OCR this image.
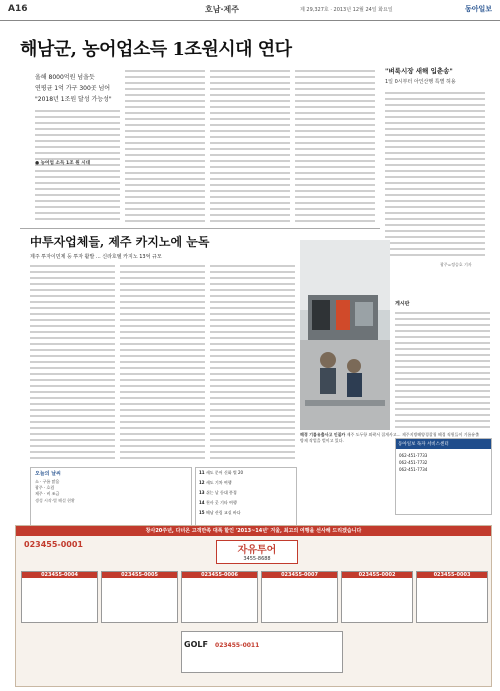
A16	호남·제주	제 29,327호 · 2013년 12월 24일 화요일	동아일보
해남군, 농어업소득 1조원시대 연다
올해 8000억원 넘을듯
연평균 1억 가구 300곳 넘어
"2018년 1조원 달성 가능성"
● 농어업 소득 1조 원 시대
"벼룩시장 새해 입춘송"
1일 0시부터 아인산행 특별 허용
광주=정승호 기자
中투자업체들, 제주 카지노에 눈독
제주 투자이민제 등 투자 활발 ... 신라호텔 카지노 13억 규모
해경 기름유출사고 인질카 제주 도두항 외곽서 집게사고... 제주지방해양경찰청 해경 직원들이 기름유출 방제 작업을 벌이고 있다.
오늘의 날씨
소 · 구름 많음
광주 · 흐림
제주 · 비 조금
생성 시작·별 해설 현황
11 새도 문어 신화 별 20
12 새도 기차 여행
13 쉬는 날 등대 풍경
14 천사 곳 기타 여행
15 해남 산림 교실 바다
게시판
동아일보 독자 서비스센터
062-451-7733
062-451-7732
062-451-7734
창사20주년, 다녀온 고객만족 대폭 할인 '2013~14년' 겨울, 최고의 여행을 선사해 드리겠습니다
023455-0001
자유투어
3455-8688
023455-0004	023455-0005	023455-0006	023455-0007	023455-0002	023455-0003
GOLF 023455-0011
